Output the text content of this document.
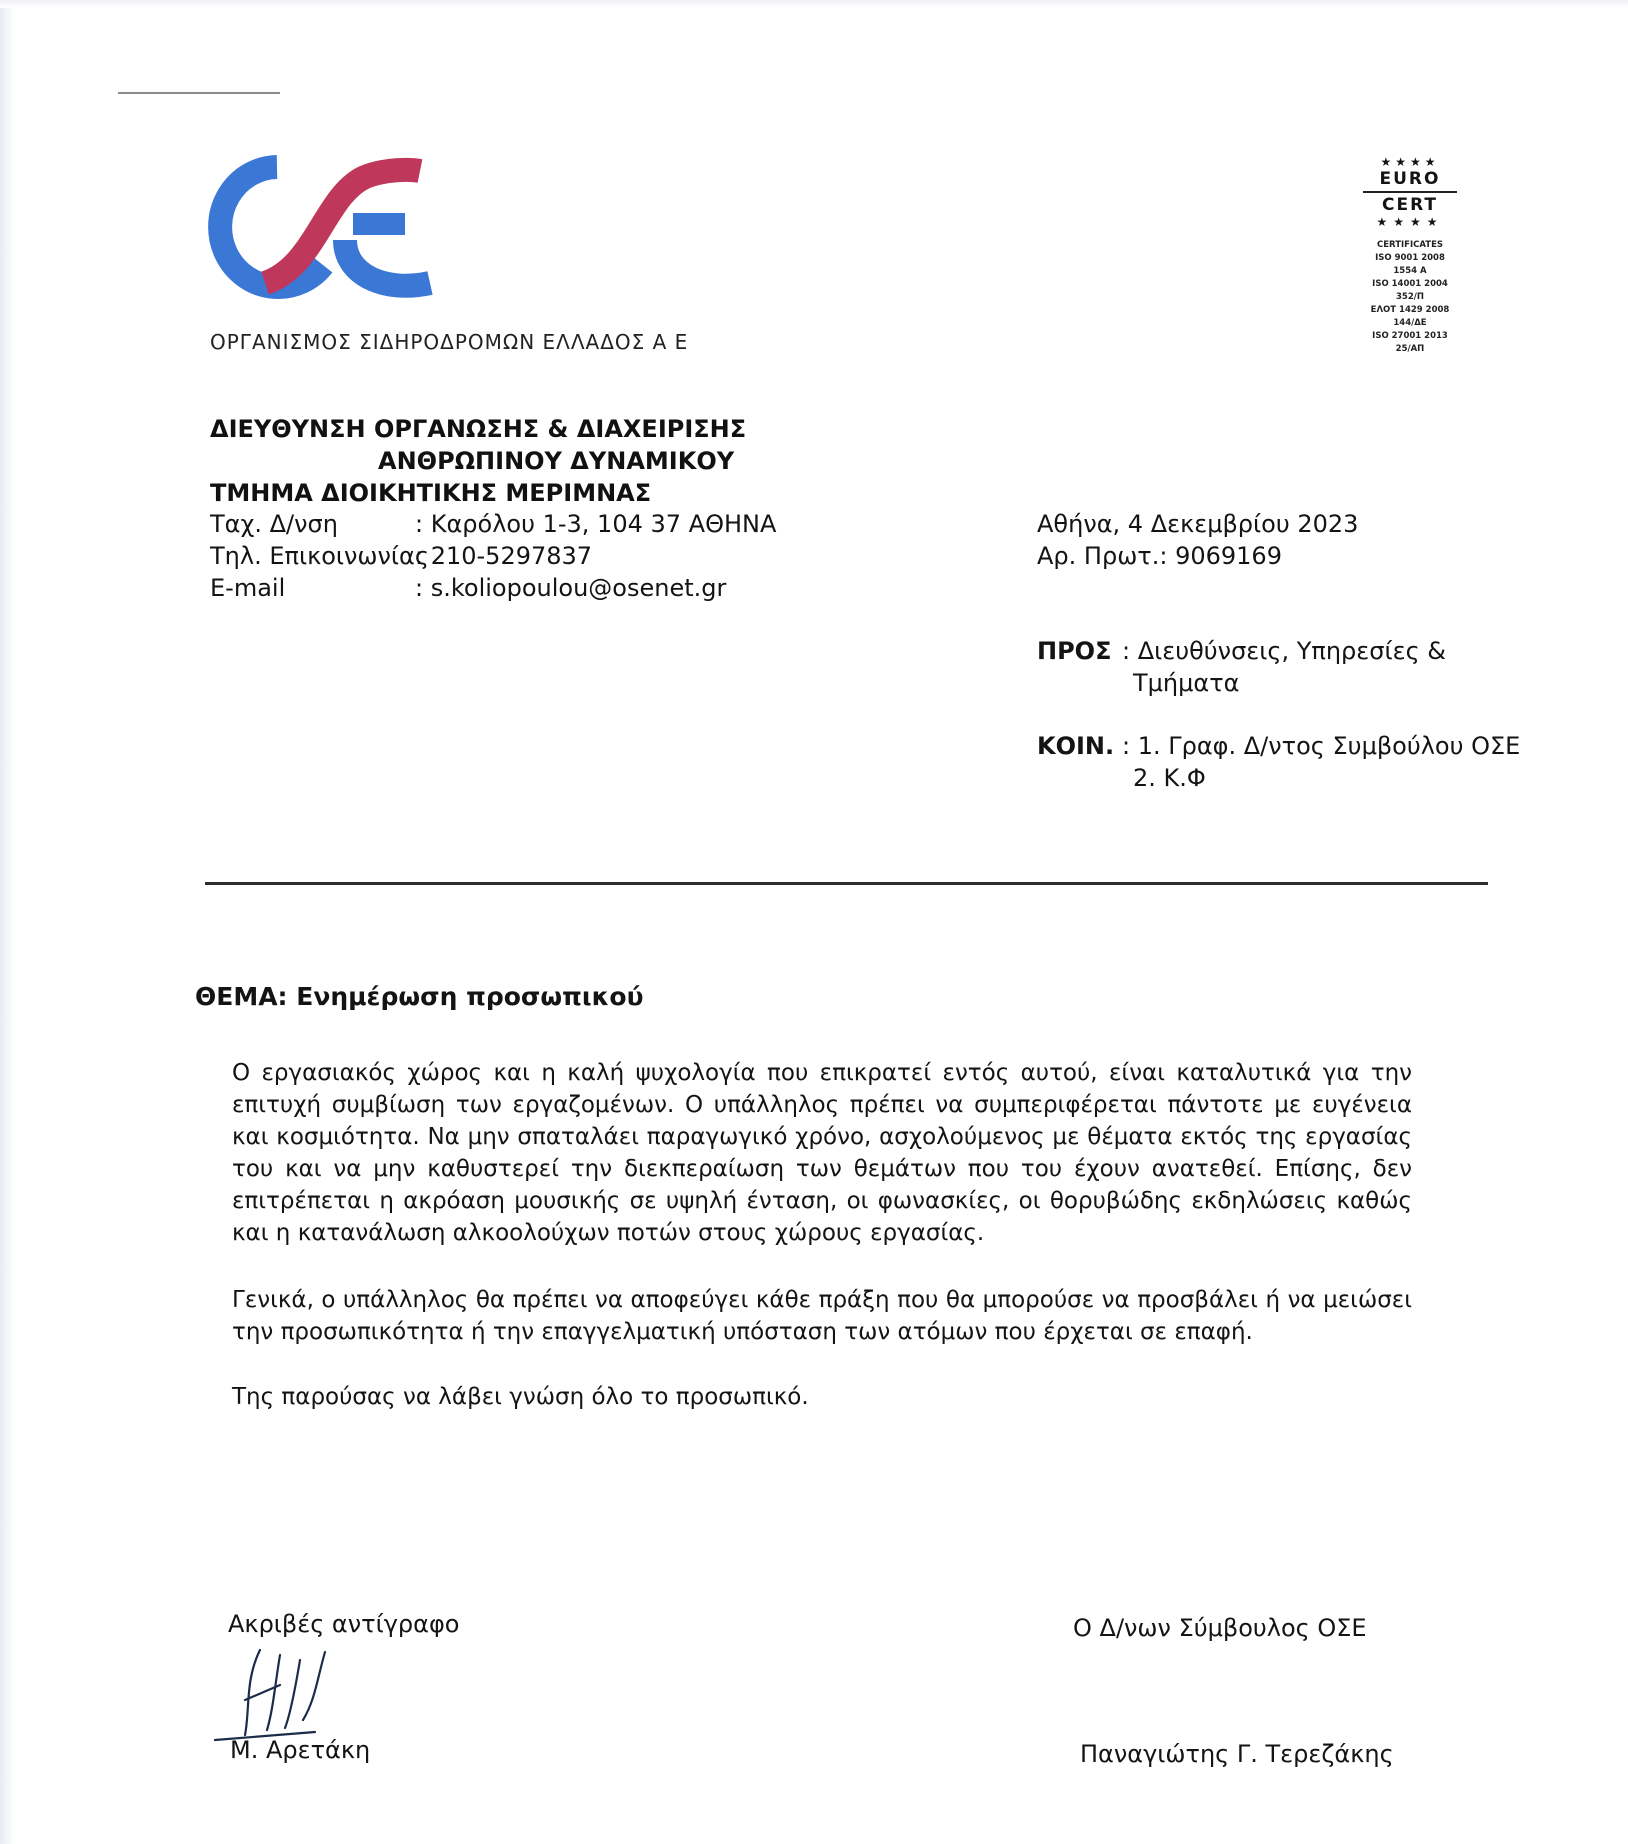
ΟΡΓΑΝΙΣΜΟΣ ΣΙΔΗΡΟΔΡΟΜΩΝ ΕΛΛΑΔΟΣ Α Ε
★★★★
EURO
CERT
★★★★
CERTIFICATES
ISO 9001 2008
1554 Α
ISO 14001 2004
352/Π
ΕΛΟΤ 1429 2008
144/ΔΕ
ISO 27001 2013
25/ΑΠ
ΔΙΕΥΘΥΝΣΗ ΟΡΓΑΝΩΣΗΣ & ΔΙΑΧΕΙΡΙΣΗΣ
ΑΝΘΡΩΠΙΝΟΥ ΔΥΝΑΜΙΚΟΥ
ΤΜΗΜΑ ΔΙΟΙΚΗΤΙΚΗΣ ΜΕΡΙΜΝΑΣ
Ταχ. Δ/νση	: Καρόλου 1-3, 104 37 ΑΘΗΝΑ
Τηλ. Επικοινωνίας
: 210-5297837
E-mail	: s.koliopoulou@osenet.gr
Αθήνα, 4 Δεκεμβρίου 2023
Αρ. Πρωτ.: 9069169
ΠΡΟΣ : Διευθύνσεις, Υπηρεσίες &
Τμήματα
ΚΟΙΝ. : 1. Γραφ. Δ/ντος Συμβούλου ΟΣΕ
2. Κ.Φ
ΘΕΜΑ: Ενημέρωση προσωπικού
Ο εργασιακός χώρος και η καλή ψυχολογία που επικρατεί εντός αυτού, είναι καταλυτικά για την επιτυχή συμβίωση των εργαζομένων. Ο υπάλληλος πρέπει να συμπεριφέρεται πάντοτε με ευγένεια και κοσμιότητα. Να μην σπαταλάει παραγωγικό χρόνο, ασχολούμενος με θέματα εκτός της εργασίας του και να μην καθυστερεί την διεκπεραίωση των θεμάτων που του έχουν ανατεθεί. Επίσης, δεν επιτρέπεται η ακρόαση μουσικής σε υψηλή ένταση, οι φωνασκίες, οι θορυβώδης εκδηλώσεις καθώς και η κατανάλωση αλκοολούχων ποτών στους χώρους εργασίας.
Γενικά, ο υπάλληλος θα πρέπει να αποφεύγει κάθε πράξη που θα μπορούσε να προσβάλει ή να μειώσει την προσωπικότητα ή την επαγγελματική υπόσταση των ατόμων που έρχεται σε επαφή.
Της παρούσας να λάβει γνώση όλο το προσωπικό.
Ακριβές αντίγραφο
Μ. Αρετάκη
Ο Δ/νων Σύμβουλος ΟΣΕ
Παναγιώτης Γ. Τερεζάκης
